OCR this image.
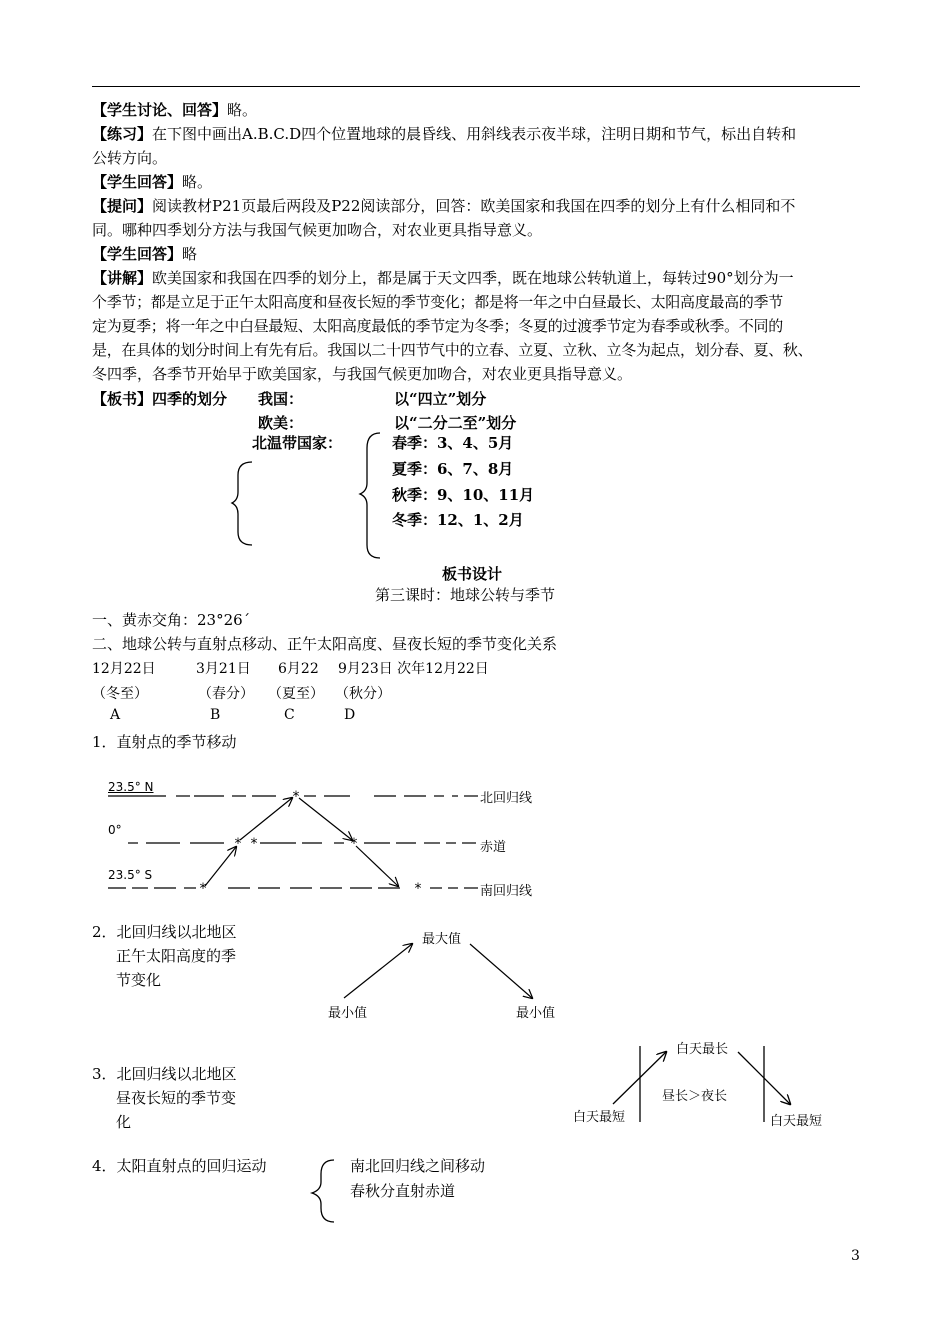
【学生讨论、回答】略。
【练习】在下图中画出A.B.C.D四个位置地球的晨昏线、用斜线表示夜半球，注明日期和节气，标出自转和
公转方向。
【学生回答】略。
【提问】阅读教材P21页最后两段及P22阅读部分，回答：欧美国家和我国在四季的划分上有什么相同和不
同。哪种四季划分方法与我国气候更加吻合，对农业更具指导意义。
【学生回答】略
【讲解】欧美国家和我国在四季的划分上，都是属于天文四季，既在地球公转轨道上，每转过90°划分为一
个季节；都是立足于正午太阳高度和昼夜长短的季节变化；都是将一年之中白昼最长、太阳高度最高的季节
定为夏季；将一年之中白昼最短、太阳高度最低的季节定为冬季；冬夏的过渡季节定为春季或秋季。不同的
是，在具体的划分时间上有先有后。我国以二十四节气中的立春、立夏、立秋、立冬为起点，划分春、夏、秋、
冬四季，各季节开始早于欧美国家，与我国气候更加吻合，对农业更具指导意义。
【板书】四季的划分 我国：	以“四立”划分
欧美：	以“二分二至”划分
北温带国家：	春季：3、4、5月
夏季：6、7、8月
秋季：9、10、11月
冬季：12、1、2月
板书设计
第三课时：地球公转与季节
一、黄赤交角：23°26´
二、地球公转与直射点移动、正午太阳高度、昼夜长短的季节变化关系
12月22日	3月21日 6月22 9月23日 次年12月22日
（冬至）	（春分） （夏至） （秋分）
A	B	C	D
1．直射点的季节移动
23.5° N
0°
23.5° S
北回归线
赤道
南回归线
2．北回归线以北地区
正午太阳高度的季
节变化
最大值
最小值	最小值
3．北回归线以北地区
昼夜长短的季节变
化
白天最长
白天最短	白天最短
昼长＞夜长
4．太阳直射点的回归运动	南北回归线之间移动
春秋分直射赤道
3
*
*
* *	*
*
